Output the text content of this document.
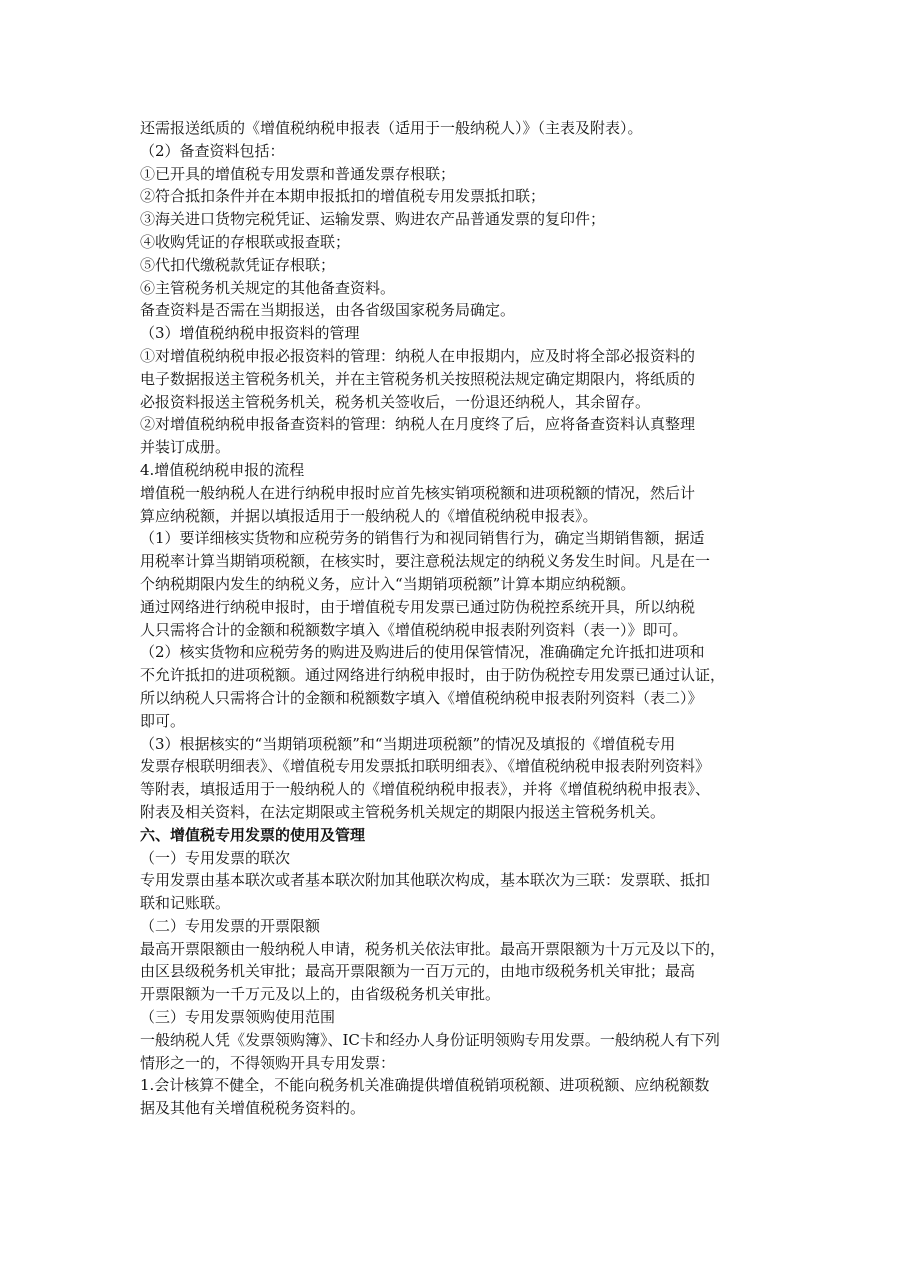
还需报送纸质的《增值税纳税申报表（适用于一般纳税人）》（主表及附表）。
（2）备查资料包括：
①已开具的增值税专用发票和普通发票存根联；
②符合抵扣条件并在本期申报抵扣的增值税专用发票抵扣联；
③海关进口货物完税凭证、运输发票、购进农产品普通发票的复印件；
④收购凭证的存根联或报查联；
⑤代扣代缴税款凭证存根联；
⑥主管税务机关规定的其他备查资料。
备查资料是否需在当期报送，由各省级国家税务局确定。
（3）增值税纳税申报资料的管理
①对增值税纳税申报必报资料的管理：纳税人在申报期内，应及时将全部必报资料的
电子数据报送主管税务机关，并在主管税务机关按照税法规定确定期限内，将纸质的
必报资料报送主管税务机关，税务机关签收后，一份退还纳税人，其余留存。
②对增值税纳税申报备查资料的管理：纳税人在月度终了后，应将备查资料认真整理
并装订成册。
4.增值税纳税申报的流程
增值税一般纳税人在进行纳税申报时应首先核实销项税额和进项税额的情况，然后计
算应纳税额，并据以填报适用于一般纳税人的《增值税纳税申报表》。
（1）要详细核实货物和应税劳务的销售行为和视同销售行为，确定当期销售额，据适
用税率计算当期销项税额，在核实时，要注意税法规定的纳税义务发生时间。凡是在一
个纳税期限内发生的纳税义务，应计入“当期销项税额”计算本期应纳税额。
通过网络进行纳税申报时，由于增值税专用发票已通过防伪税控系统开具，所以纳税
人只需将合计的金额和税额数字填入《增值税纳税申报表附列资料（表一）》即可。
（2）核实货物和应税劳务的购进及购进后的使用保管情况，准确确定允许抵扣进项和
不允许抵扣的进项税额。通过网络进行纳税申报时，由于防伪税控专用发票已通过认证，
所以纳税人只需将合计的金额和税额数字填入《增值税纳税申报表附列资料（表二）》
即可。
（3）根据核实的“当期销项税额”和“当期进项税额”的情况及填报的《增值税专用
发票存根联明细表》、《增值税专用发票抵扣联明细表》、《增值税纳税申报表附列资料》
等附表，填报适用于一般纳税人的《增值税纳税申报表》，并将《增值税纳税申报表》、
附表及相关资料，在法定期限或主管税务机关规定的期限内报送主管税务机关。
六、增值税专用发票的使用及管理
（一）专用发票的联次
专用发票由基本联次或者基本联次附加其他联次构成，基本联次为三联：发票联、抵扣
联和记账联。
（二）专用发票的开票限额
最高开票限额由一般纳税人申请，税务机关依法审批。最高开票限额为十万元及以下的，
由区县级税务机关审批；最高开票限额为一百万元的，由地市级税务机关审批；最高
开票限额为一千万元及以上的，由省级税务机关审批。
（三）专用发票领购使用范围
一般纳税人凭《发票领购簿》、IC卡和经办人身份证明领购专用发票。一般纳税人有下列
情形之一的，不得领购开具专用发票：
1.会计核算不健全，不能向税务机关准确提供增值税销项税额、进项税额、应纳税额数
据及其他有关增值税税务资料的。
